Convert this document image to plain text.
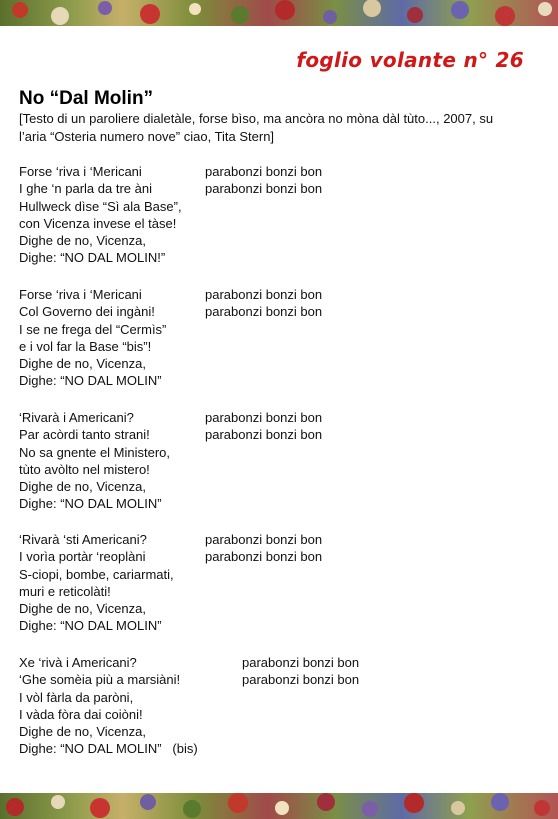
foglio volante n° 26
No “Dal Molin”
[Testo di un paroliere dialetàle, forse bìso, ma ancòra no mòna dàl tùto..., 2007, su
l’aria “Osteria numero nove” ciao, Tita Stern]
Forse ‘riva i ‘Mericani	parabonzi bonzi bon
I ghe ‘n parla da tre àni	parabonzi bonzi bon
Hullweck dìse “Sì ala Base”,
con Vicenza invese el tàse!
Dighe de no, Vicenza,
Dighe: “NO DAL MOLIN!”
Forse ‘riva i ‘Mericani	parabonzi bonzi bon
Col Governo dei ingàni!	parabonzi bonzi bon
I se ne frega del “Cermìs”
e i vol far la Base “bis”!
Dighe de no, Vicenza,
Dighe: “NO DAL MOLIN”
‘Rivarà i Americani?	parabonzi bonzi bon
Par acòrdi tanto strani!	parabonzi bonzi bon
No sa gnente el Ministero,
tùto avòlto nel mistero!
Dighe de no, Vicenza,
Dighe: “NO DAL MOLIN”
‘Rivarà ‘sti Americani?	parabonzi bonzi bon
I vorìa portàr ‘reoplàni	parabonzi bonzi bon
S-ciopi, bombe, cariarmati,
muri e reticolàti!
Dighe de no, Vicenza,
Dighe: “NO DAL MOLIN”
Xe ‘rivà i Americani?	parabonzi bonzi bon
‘Ghe somèia più a marsiàni!	parabonzi bonzi bon
I vòl fàrla da paròni,
I vàda fòra dai coiòni!
Dighe de no, Vicenza,
Dighe: “NO DAL MOLIN”   (bis)
